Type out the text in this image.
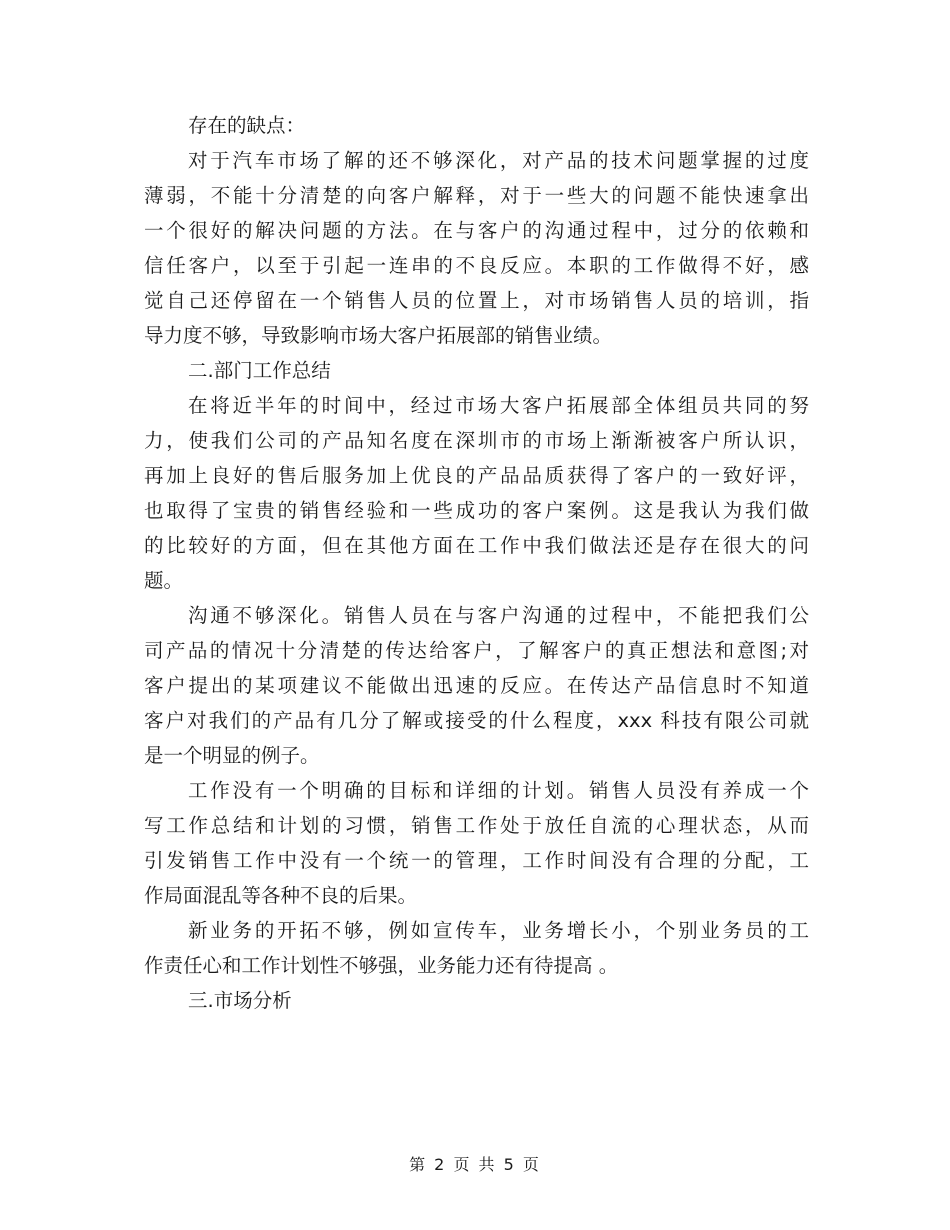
存在的缺点：
对于汽车市场了解的还不够深化，对产品的技术问题掌握的过度
薄弱，不能十分清楚的向客户解释，对于一些大的问题不能快速拿出
一个很好的解决问题的方法。在与客户的沟通过程中，过分的依赖和
信任客户，以至于引起一连串的不良反应。本职的工作做得不好，感
觉自己还停留在一个销售人员的位置上，对市场销售人员的培训，指
导力度不够，导致影响市场大客户拓展部的销售业绩。
二.部门工作总结
在将近半年的时间中，经过市场大客户拓展部全体组员共同的努
力，使我们公司的产品知名度在深圳市的市场上渐渐被客户所认识，
再加上良好的售后服务加上优良的产品品质获得了客户的一致好评，
也取得了宝贵的销售经验和一些成功的客户案例。这是我认为我们做
的比较好的方面，但在其他方面在工作中我们做法还是存在很大的问
题。
沟通不够深化。销售人员在与客户沟通的过程中，不能把我们公
司产品的情况十分清楚的传达给客户，了解客户的真正想法和意图;对
客户提出的某项建议不能做出迅速的反应。在传达产品信息时不知道
客户对我们的产品有几分了解或接受的什么程度，xxx 科技有限公司就
是一个明显的例子。
工作没有一个明确的目标和详细的计划。销售人员没有养成一个
写工作总结和计划的习惯，销售工作处于放任自流的心理状态，从而
引发销售工作中没有一个统一的管理，工作时间没有合理的分配，工
作局面混乱等各种不良的后果。
新业务的开拓不够，例如宣传车，业务增长小，个别业务员的工
作责任心和工作计划性不够强，业务能力还有待提高 。
三.市场分析
第 2 页 共 5 页
